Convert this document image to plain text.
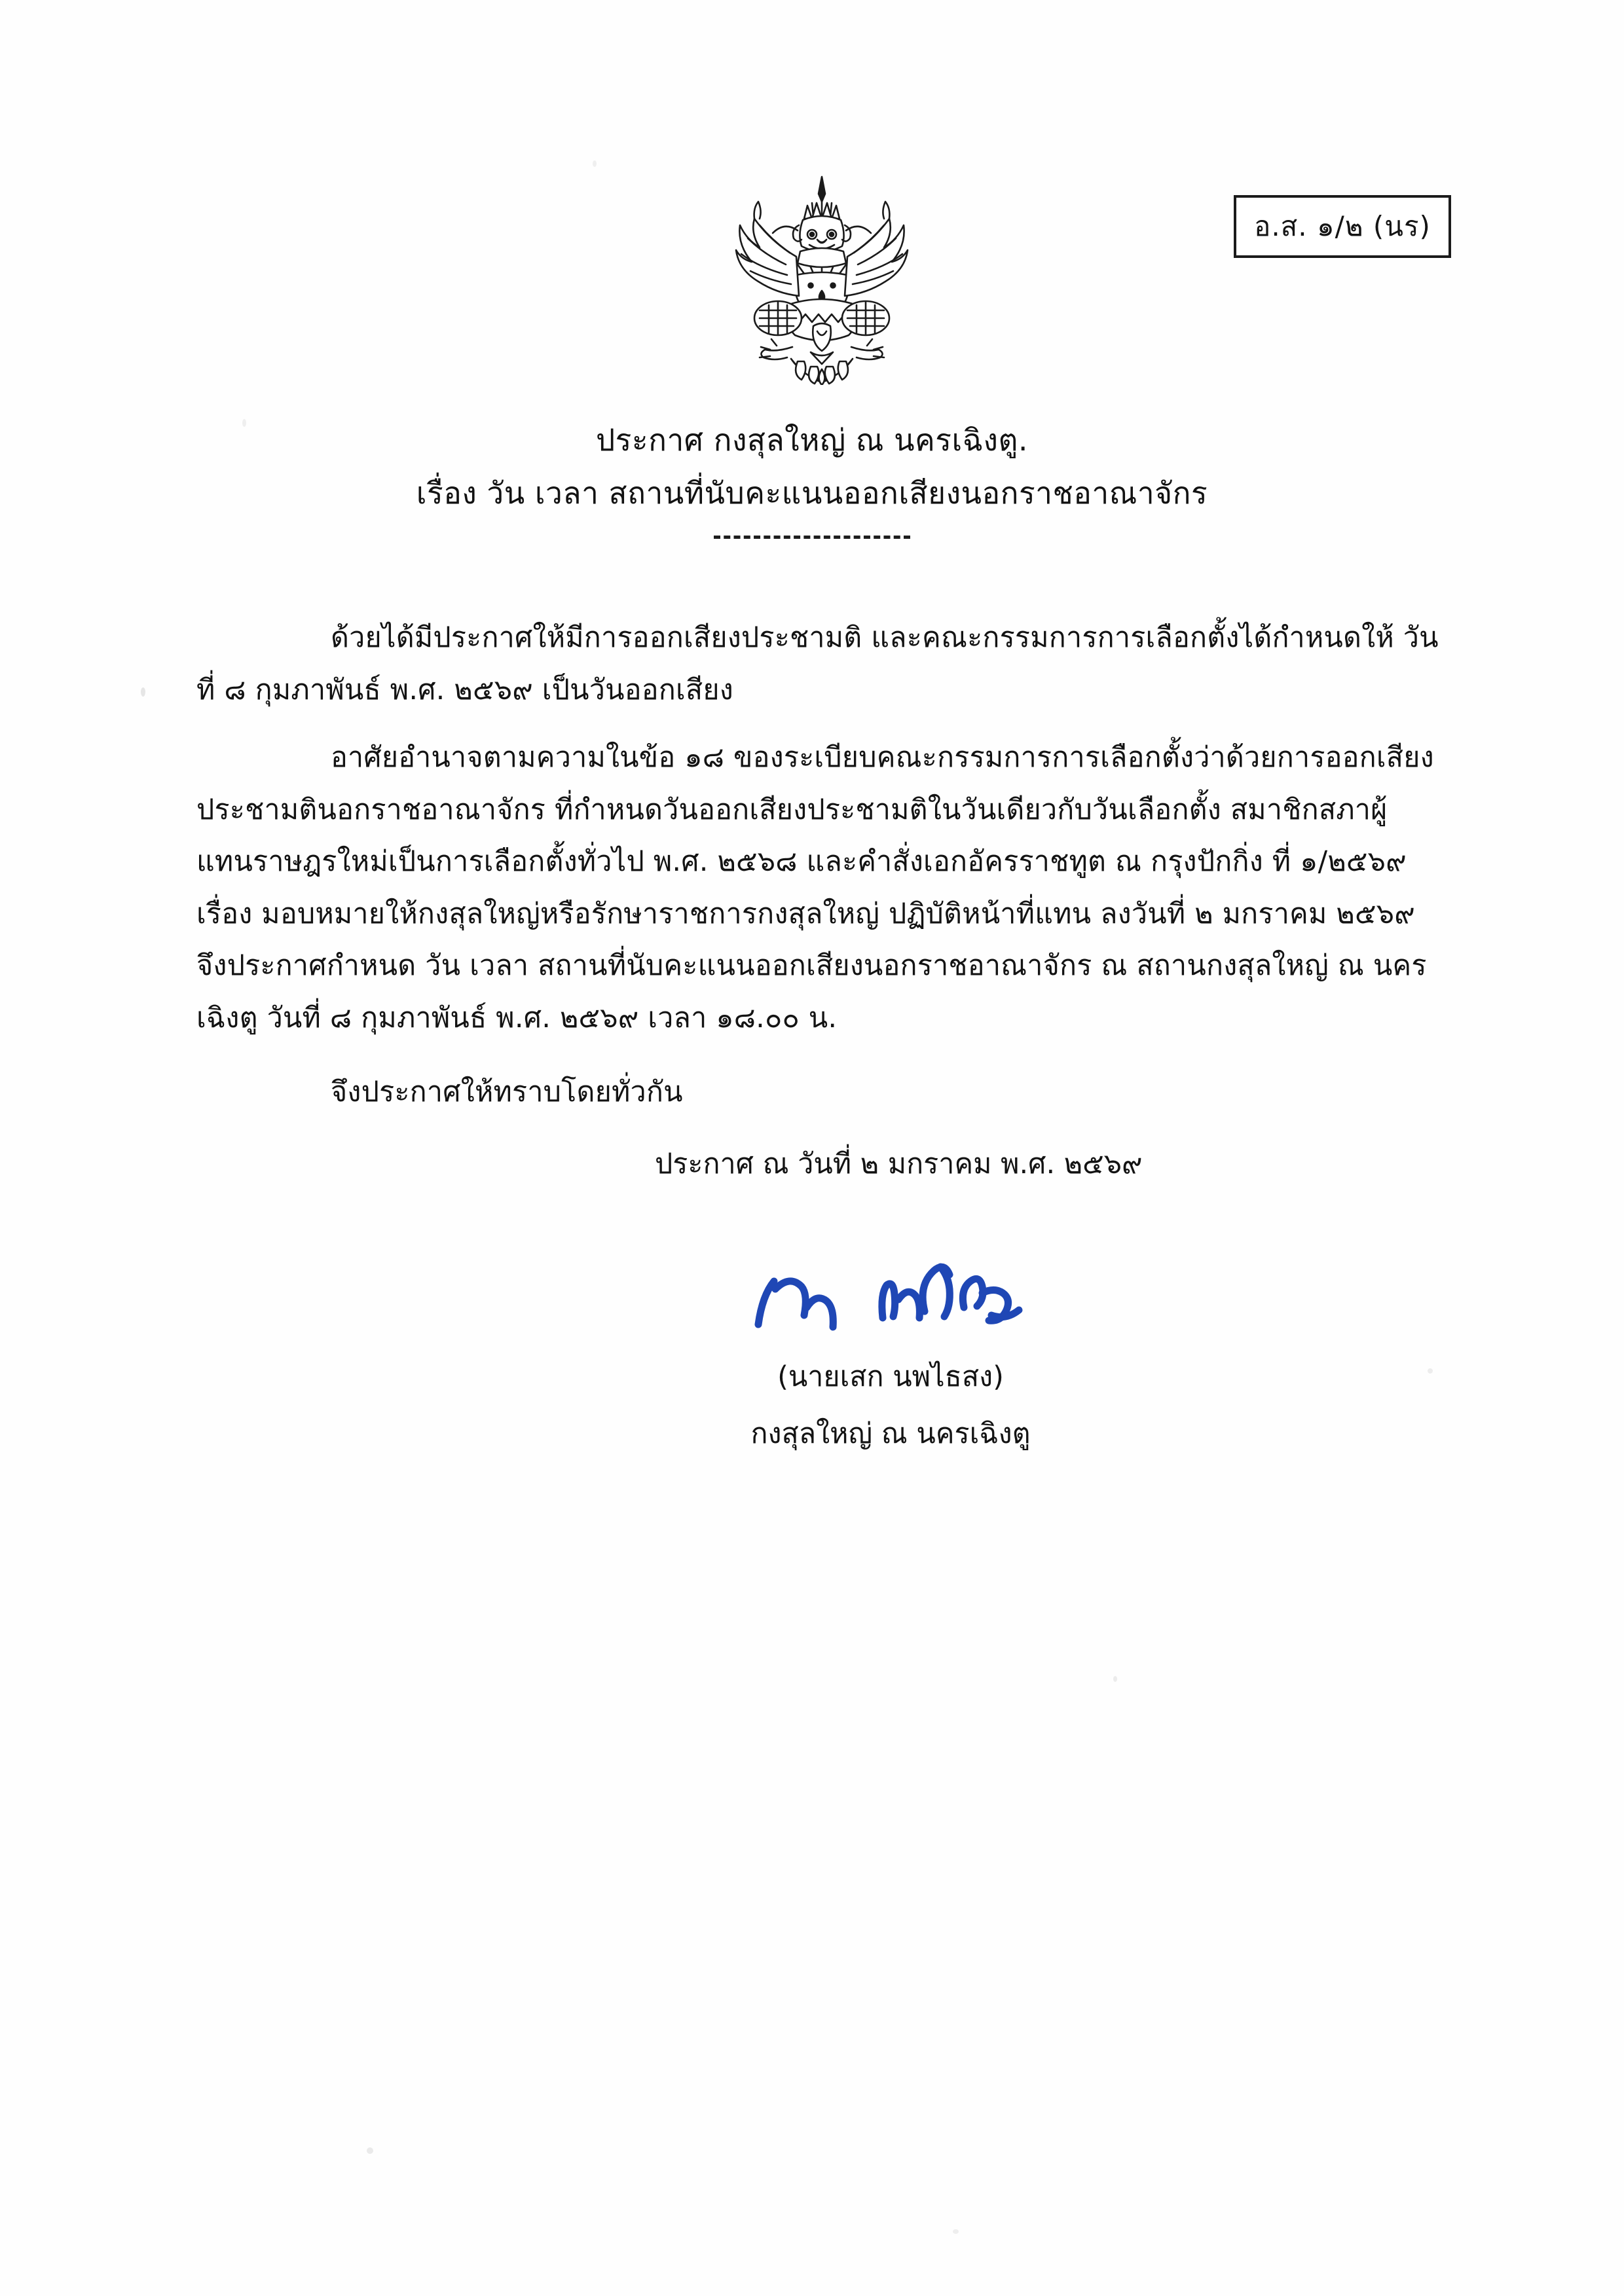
อ.ส. ๑/๒ (นร)
ประกาศ กงสุลใหญ่ ณ นครเฉิงตู.
เรื่อง วัน เวลา สถานที่นับคะแนนออกเสียงนอกราชอาณาจักร
ด้วยได้มีประกาศให้มีการออกเสียงประชามติ และคณะกรรมการการเลือกตั้งได้กำหนดให้ วันที่ ๘ กุมภาพันธ์ พ.ศ. ๒๕๖๙ เป็นวันออกเสียง
อาศัยอำนาจตามความในข้อ ๑๘ ของระเบียบคณะกรรมการการเลือกตั้งว่าด้วยการออกเสียงประชามตินอกราชอาณาจักร ที่กำหนดวันออกเสียงประชามติในวันเดียวกับวันเลือกตั้ง สมาชิกสภาผู้แทนราษฎรใหม่เป็นการเลือกตั้งทั่วไป พ.ศ. ๒๕๖๘ และคำสั่งเอกอัครราชทูต ณ กรุงปักกิ่ง ที่ ๑/๒๕๖๙ เรื่อง มอบหมายให้กงสุลใหญ่หรือรักษาราชการกงสุลใหญ่ ปฏิบัติหน้าที่แทน ลงวันที่ ๒ มกราคม ๒๕๖๙ จึงประกาศกำหนด วัน เวลา สถานที่นับคะแนนออกเสียงนอกราชอาณาจักร ณ สถานกงสุลใหญ่ ณ นครเฉิงตู วันที่ ๘ กุมภาพันธ์ พ.ศ. ๒๕๖๙ เวลา ๑๘.๐๐ น.
จึงประกาศให้ทราบโดยทั่วกัน
ประกาศ ณ วันที่ ๒ มกราคม พ.ศ. ๒๕๖๙
(นายเสก นพไธสง)
กงสุลใหญ่ ณ นครเฉิงตู
